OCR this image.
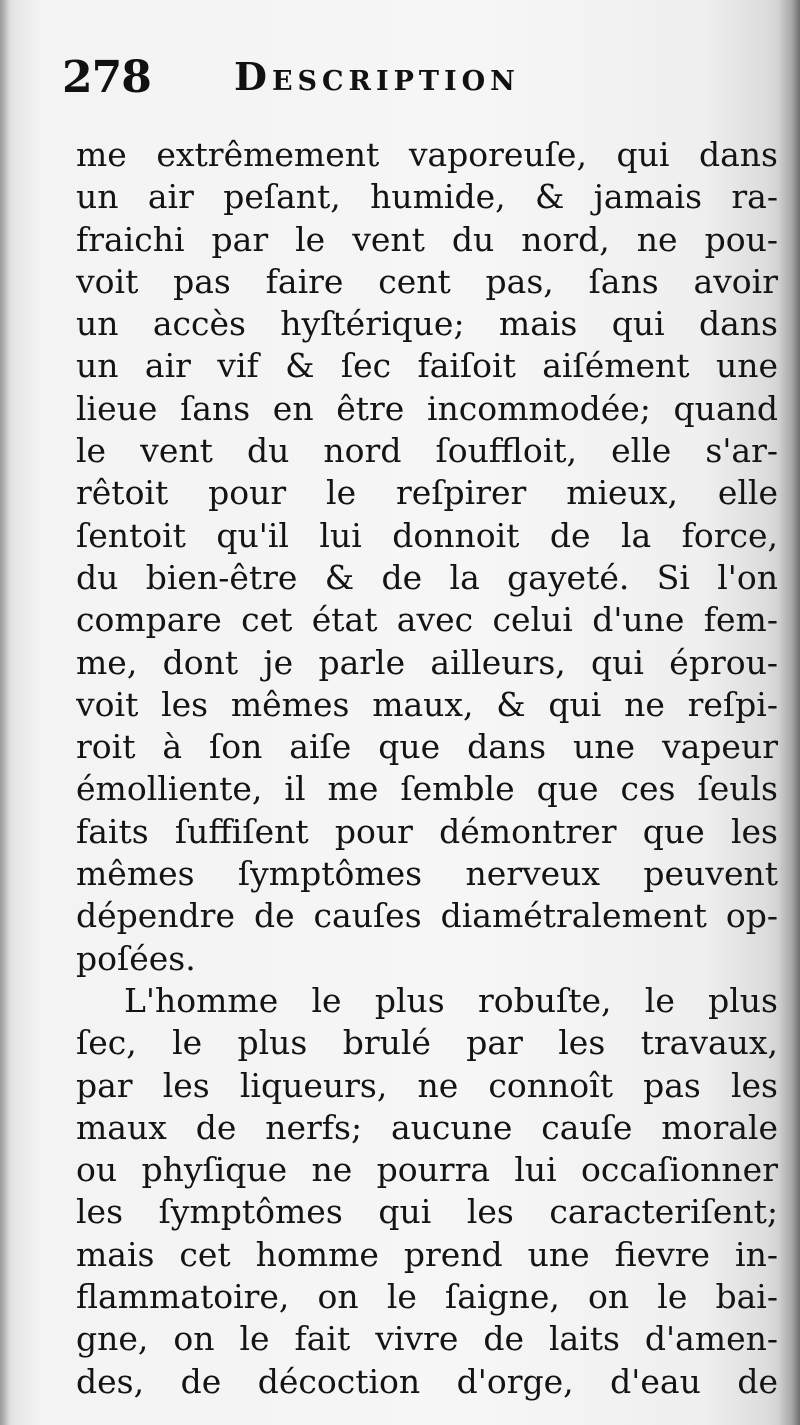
278 Description
me extrêmement vaporeuſe, qui dans
un air peſant, humide, & jamais ra-
fraichi par le vent du nord, ne pou-
voit pas faire cent pas, ſans avoir
un accès hyſtérique; mais qui dans
un air vif & ſec faiſoit aiſément une
lieue ſans en être incommodée; quand
le vent du nord ſouffloit, elle s'ar-
rêtoit pour le reſpirer mieux, elle
ſentoit qu'il lui donnoit de la force,
du bien-être & de la gayeté. Si l'on
compare cet état avec celui d'une fem-
me, dont je parle ailleurs, qui éprou-
voit les mêmes maux, & qui ne reſpi-
roit à ſon aiſe que dans une vapeur
émolliente, il me ſemble que ces ſeuls
faits ſuffiſent pour démontrer que les
mêmes ſymptômes nerveux peuvent
dépendre de cauſes diamétralement op-
poſées.
L'homme le plus robuſte, le plus
ſec, le plus brulé par les travaux,
par les liqueurs, ne connoît pas les
maux de nerfs; aucune cauſe morale
ou phyſique ne pourra lui occaſionner
les ſymptômes qui les caracteriſent;
mais cet homme prend une fievre in-
flammatoire, on le ſaigne, on le bai-
gne, on le fait vivre de laits d'amen-
des, de décoction d'orge, d'eau de
